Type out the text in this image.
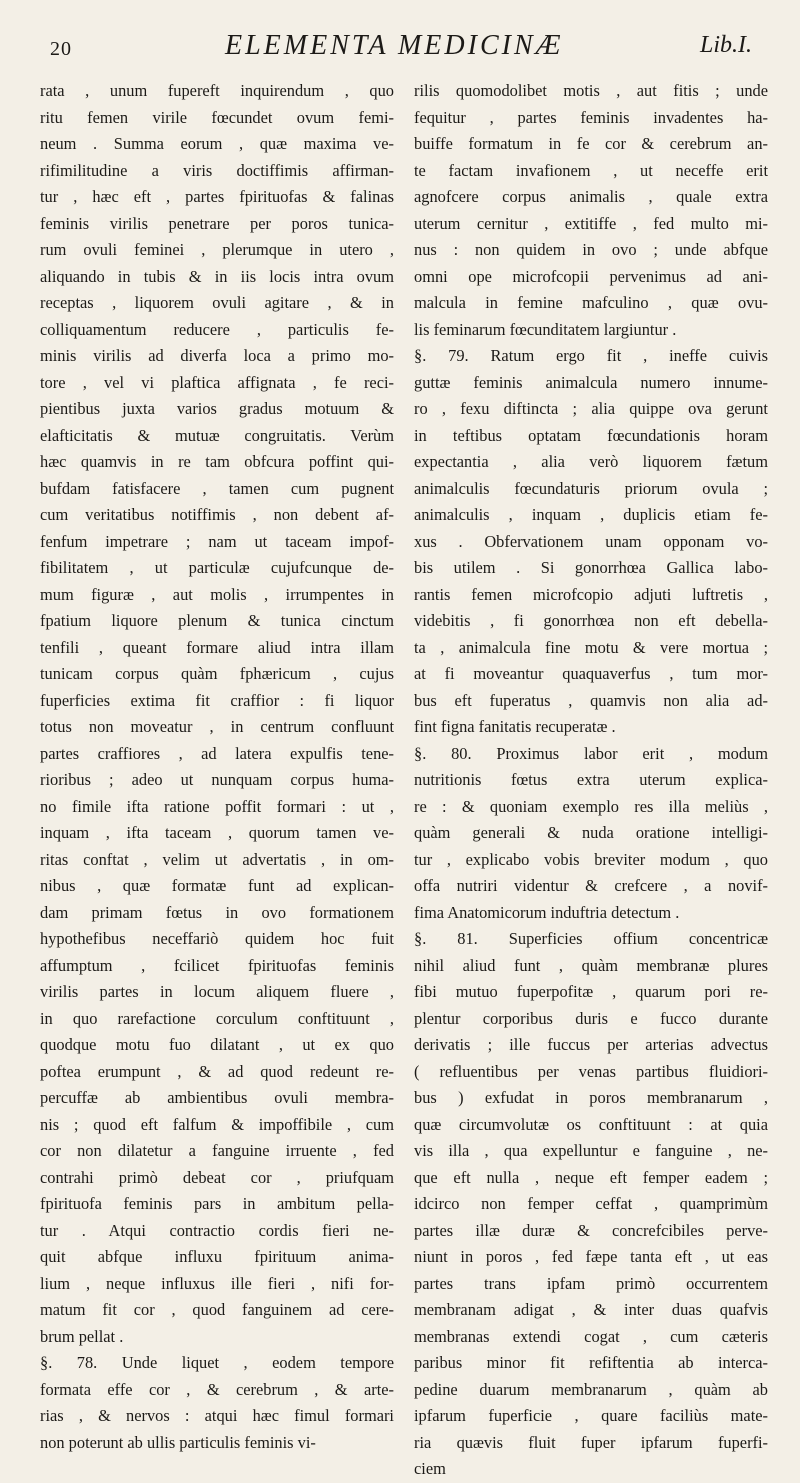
20	ELEMENTA MEDICINÆ	Lib.I.
rata , unum fupereft inquirendum , quo
ritu femen virile fœcundet ovum femi-
neum . Summa eorum , quæ maxima ve-
rifimilitudine a viris doctiffimis affirman-
tur , hæc eft , partes fpirituofas & falinas
feminis virilis penetrare per poros tunica-
rum ovuli feminei , plerumque in utero ,
aliquando in tubis & in iis locis intra ovum
receptas , liquorem ovuli agitare , & in
colliquamentum reducere , particulis fe-
minis virilis ad diverfa loca a primo mo-
tore , vel vi plaftica affignata , fe reci-
pientibus juxta varios gradus motuum &
elafticitatis & mutuæ congruitatis. Verùm
hæc quamvis in re tam obfcura poffint qui-
bufdam fatisfacere , tamen cum pugnent
cum veritatibus notiffimis , non debent af-
fenfum impetrare ; nam ut taceam impof-
fibilitatem , ut particulæ cujufcunque de-
mum figuræ , aut molis , irrumpentes in
fpatium liquore plenum & tunica cinctum
tenfili , queant formare aliud intra illam
tunicam corpus quàm fphæricum , cujus
fuperficies extima fit craffior : fi liquor
totus non moveatur , in centrum confluunt
partes craffiores , ad latera expulfis tene-
rioribus ; adeo ut nunquam corpus huma-
no fimile ifta ratione poffit formari : ut ,
inquam , ifta taceam , quorum tamen ve-
ritas conftat , velim ut advertatis , in om-
nibus , quæ formatæ funt ad explican-
dam primam fœtus in ovo formationem
hypothefibus neceffariò quidem hoc fuit
affumptum , fcilicet fpirituofas feminis
virilis partes in locum aliquem fluere ,
in quo rarefactione corculum conftituunt ,
quodque motu fuo dilatant , ut ex quo
poftea erumpunt , & ad quod redeunt re-
percuffæ ab ambientibus ovuli membra-
nis ; quod eft falfum & impoffibile , cum
cor non dilatetur a fanguine irruente , fed
contrahi primò debeat cor , priufquam
fpirituofa feminis pars in ambitum pella-
tur . Atqui contractio cordis fieri ne-
quit abfque influxu fpirituum anima-
lium , neque influxus ille fieri , nifi for-
matum fit cor , quod fanguinem ad cere-
brum pellat .
§. 78. Unde liquet , eodem tempore
formata effe cor , & cerebrum , & arte-
rias , & nervos : atqui hæc fimul formari
non poterunt ab ullis particulis feminis vi-
rilis quomodolibet motis , aut fitis ; unde
fequitur , partes feminis invadentes ha-
buiffe formatum in fe cor & cerebrum an-
te factam invafionem , ut neceffe erit
agnofcere corpus animalis , quale extra
uterum cernitur , extitiffe , fed multo mi-
nus : non quidem in ovo ; unde abfque
omni ope microfcopii pervenimus ad ani-
malcula in femine mafculino , quæ ovu-
lis feminarum fœcunditatem largiuntur .
§. 79. Ratum ergo fit , ineffe cuivis
guttæ feminis animalcula numero innume-
ro , fexu diftincta ; alia quippe ova gerunt
in teftibus optatam fœcundationis horam
expectantia , alia verò liquorem fætum
animalculis fœcundaturis priorum ovula ;
animalculis , inquam , duplicis etiam fe-
xus . Obfervationem unam opponam vo-
bis utilem . Si gonorrhœa Gallica labo-
rantis femen microfcopio adjuti luftretis ,
videbitis , fi gonorrhœa non eft debella-
ta , animalcula fine motu & vere mortua ;
at fi moveantur quaquaverfus , tum mor-
bus eft fuperatus , quamvis non alia ad-
fint figna fanitatis recuperatæ .
§. 80. Proximus labor erit , modum
nutritionis fœtus extra uterum explica-
re : & quoniam exemplo res illa meliùs ,
quàm generali & nuda oratione intelligi-
tur , explicabo vobis breviter modum , quo
offa nutriri videntur & crefcere , a novif-
fima Anatomicorum induftria detectum .
§. 81. Superficies offium concentricæ
nihil aliud funt , quàm membranæ plures
fibi mutuo fuperpofitæ , quarum pori re-
plentur corporibus duris e fucco durante
derivatis ; ille fuccus per arterias advectus
( refluentibus per venas partibus fluidiori-
bus ) exfudat in poros membranarum ,
quæ circumvolutæ os conftituunt : at quia
vis illa , qua expelluntur e fanguine , ne-
que eft nulla , neque eft femper eadem ;
idcirco non femper ceffat , quamprimùm
partes illæ duræ & concrefcibiles perve-
niunt in poros , fed fæpe tanta eft , ut eas
partes trans ipfam primò occurrentem
membranam adigat , & inter duas quafvis
membranas extendi cogat , cum cæteris
paribus minor fit refiftentia ab interca-
pedine duarum membranarum , quàm ab
ipfarum fuperficie , quare faciliùs mate-
ria quævis fluit fuper ipfarum fuperfi-
ciem
